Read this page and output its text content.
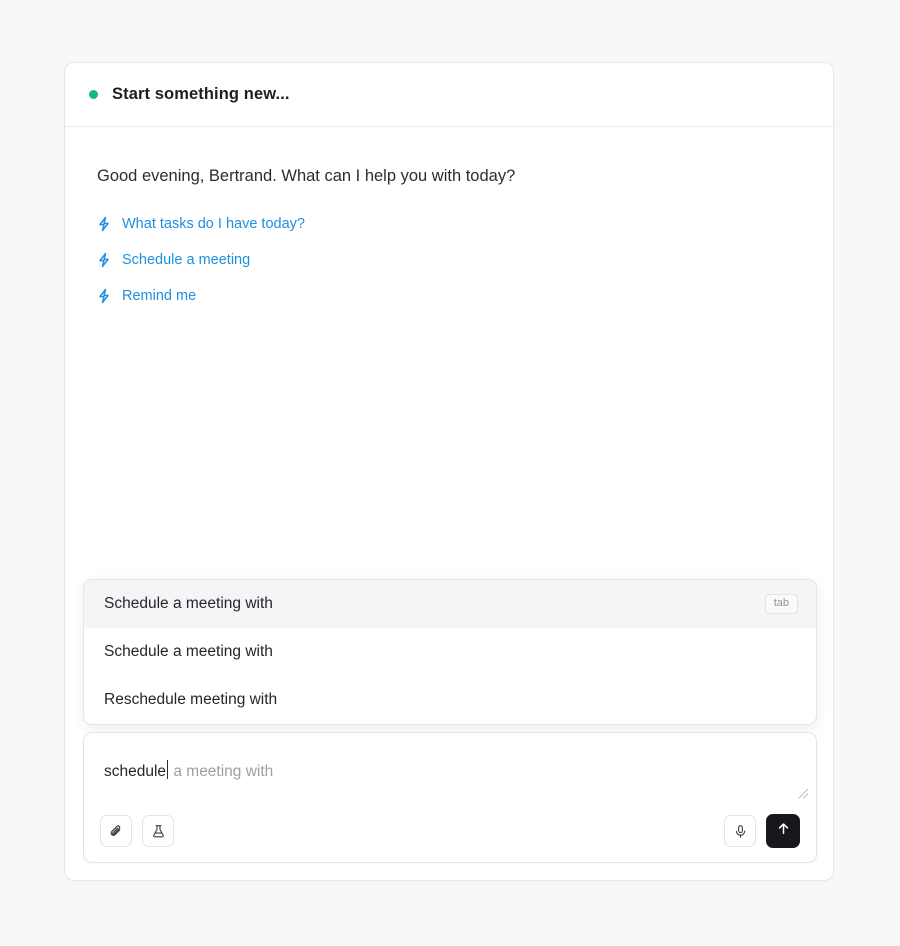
Start something new...

Good evening, Bertrand. What can I help you with today?

What tasks do I have today?
Schedule a meeting
Remind me
Schedule a meeting with	tab
Schedule a meeting with
Reschedule meeting with
schedule a meeting with
